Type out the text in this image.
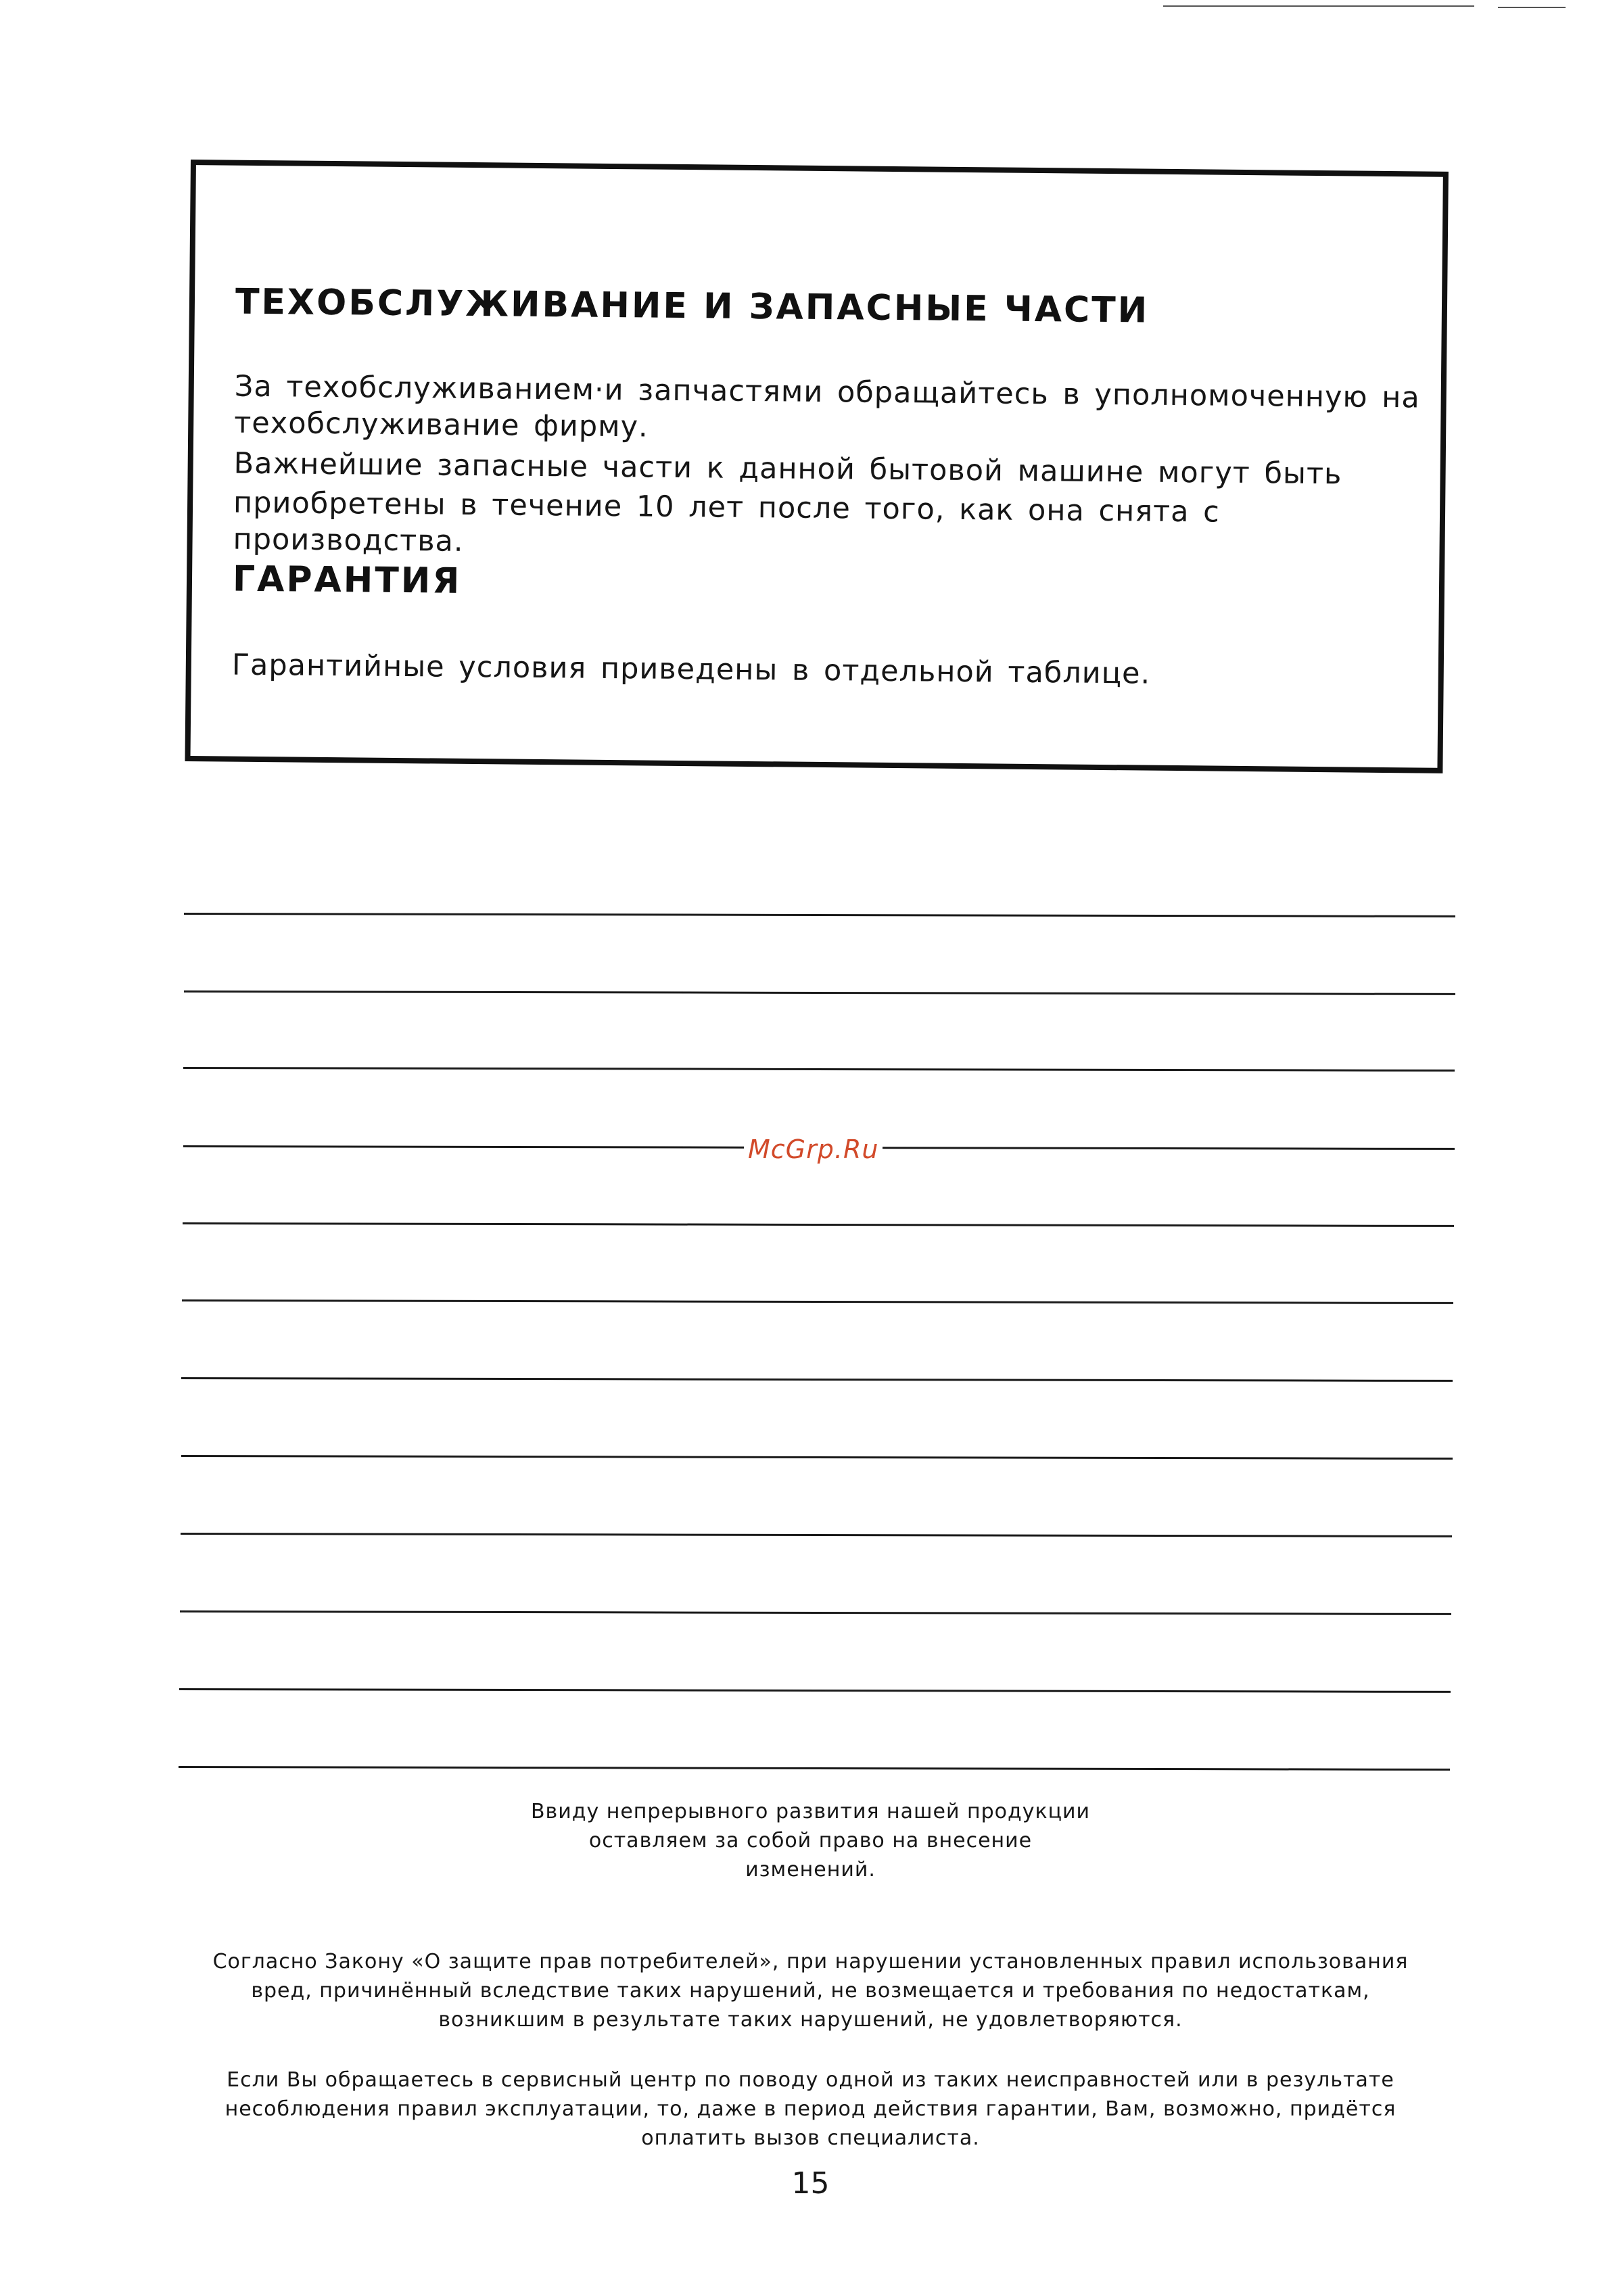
ТЕХОБСЛУЖИВАНИЕ И ЗАПАСНЫЕ ЧАСТИ

За техобслуживанием·и запчастями обращайтесь в уполномоченную на

техобслуживание фирму.

Важнейшие запасные части к данной бытовой машине могут быть

приобретены в течение 10 лет после того, как она снята с производства.

ГАРАНТИЯ

Гарантийные условия приведены в отдельной таблице.

McGrp.Ru
Ввиду непрерывного развития нашей продукции
оставляем за собой право на внесение
изменений.
Согласно Закону «О защите прав потребителей», при нарушении установленных правил использования
вред, причинённый вследствие таких нарушений, не возмещается и требования по недостаткам,
возникшим в результате таких нарушений, не удовлетворяются.
Если Вы обращаетесь в сервисный центр по поводу одной из таких неисправностей или в результате
несоблюдения правил эксплуатации, то, даже в период действия гарантии, Вам, возможно, придётся
оплатить вызов специалиста.
15
